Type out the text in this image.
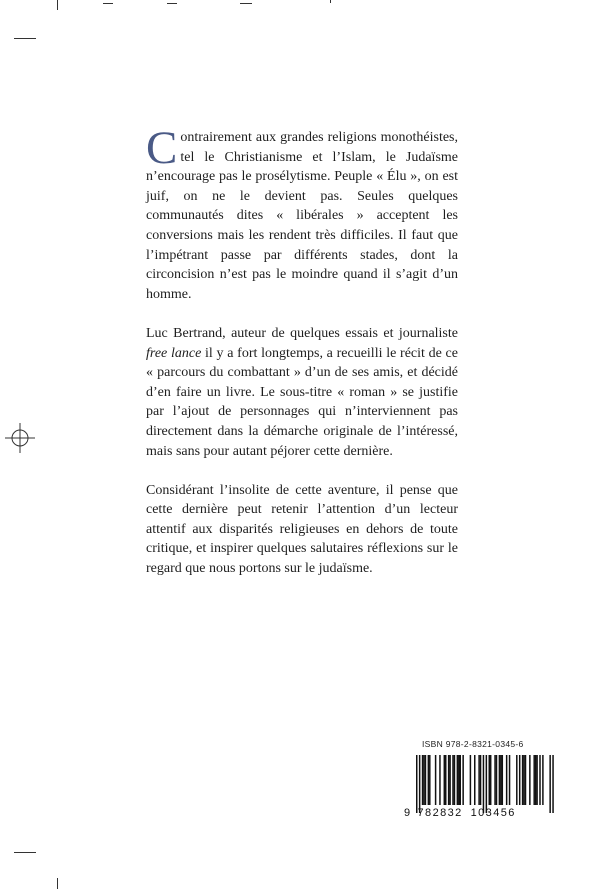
Contrairement aux grandes religions monothéistes, tel le Christianisme et l’Islam, le Judaïsme n’encourage pas le prosélytisme. Peuple « Élu », on est juif, on ne le devient pas. Seules quelques communautés dites « libérales » acceptent les conversions mais les rendent très difficiles. Il faut que l’impétrant passe par différents stades, dont la circoncision n’est pas le moindre quand il s’agit d’un homme.

Luc Bertrand, auteur de quelques essais et journaliste free lance il y a fort longtemps, a recueilli le récit de ce « parcours du combattant » d’un de ses amis, et décidé d’en faire un livre. Le sous-titre « roman » se justifie par l’ajout de personnages qui n’interviennent pas directement dans la démarche originale de l’intéressé, mais sans pour autant péjorer cette dernière.

Considérant l’insolite de cette aventure, il pense que cette dernière peut retenir l’attention d’un lecteur attentif aux disparités religieuses en dehors de toute critique, et inspirer quelques salutaires réflexions sur le regard que nous portons sur le judaïsme.

ISBN 978-2-8321-0345-6
9 782832 103456
